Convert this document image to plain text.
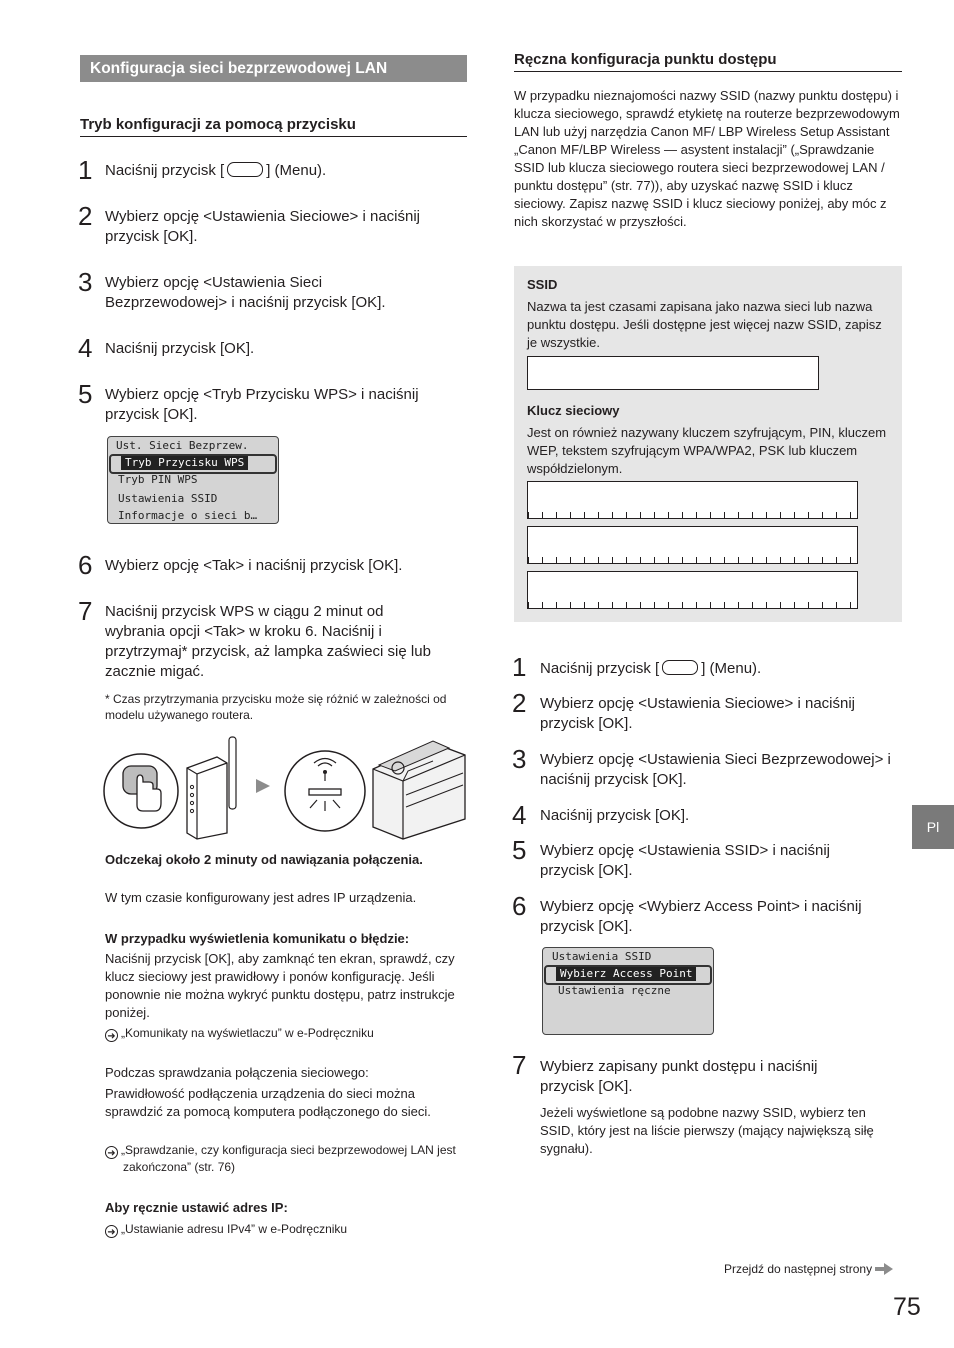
Konfiguracja sieci bezprzewodowej LAN
Tryb konfiguracji za pomocą przycisku
1 Naciśnij przycisk [	] (Menu).
2 Wybierz opcję <Ustawienia Sieciowe> i naciśnij przycisk [OK].
3 Wybierz opcję <Ustawienia Sieci Bezprzewodowej> i naciśnij przycisk [OK].
4 Naciśnij przycisk [OK].
5 Wybierz opcję <Tryb Przycisku WPS> i naciśnij przycisk [OK].
Ust. Sieci Bezprzew.
Tryb Przycisku WPS
Tryb PIN WPS
Ustawienia SSID
Informacje o sieci b…
6 Wybierz opcję <Tak> i naciśnij przycisk [OK].
7 Naciśnij przycisk WPS w ciągu 2 minut od wybrania opcji <Tak> w kroku 6. Naciśnij i przytrzymaj* przycisk, aż lampka zaświeci się lub zacznie migać.
* Czas przytrzymania przycisku może się różnić w zależności od modelu używanego routera.
Odczekaj około 2 minuty od nawiązania połączenia.
W tym czasie konfigurowany jest adres IP urządzenia.
W przypadku wyświetlenia komunikatu o błędzie:
Naciśnij przycisk [OK], aby zamknąć ten ekran, sprawdź, czy klucz sieciowy jest prawidłowy i ponów konfigurację. Jeśli ponownie nie można wykryć punktu dostępu, patrz instrukcje poniżej.
➜ „Komunikaty na wyświetlaczu” w e-Podręczniku
Podczas sprawdzania połączenia sieciowego:
Prawidłowość podłączenia urządzenia do sieci można sprawdzić za pomocą komputera podłączonego do sieci.
➜ „Sprawdzanie, czy konfiguracja sieci bezprzewodowej LAN jest zakończona” (str. 76)
Aby ręcznie ustawić adres IP:
➜ „Ustawianie adresu IPv4” w e-Podręczniku
Ręczna konfiguracja punktu dostępu
W przypadku nieznajomości nazwy SSID (nazwy punktu dostępu) i klucza sieciowego, sprawdź etykietę na routerze bezprzewodowym LAN lub użyj narzędzia Canon MF/ LBP Wireless Setup Assistant „Canon MF/LBP Wireless — asystent instalacji” („Sprawdzanie SSID lub klucza sieciowego routera sieci bezprzewodowej LAN / punktu dostępu” (str. 77)), aby uzyskać nazwę SSID i klucz sieciowy. Zapisz nazwę SSID i klucz sieciowy poniżej, aby móc z nich skorzystać w przyszłości.
SSID
Nazwa ta jest czasami zapisana jako nazwa sieci lub nazwa punktu dostępu. Jeśli dostępne jest więcej nazw SSID, zapisz je wszystkie.
Klucz sieciowy
Jest on również nazywany kluczem szyfrującym, PIN, kluczem WEP, tekstem szyfrującym WPA/WPA2, PSK lub kluczem współdzielonym.
1 Naciśnij przycisk [	] (Menu).
2 Wybierz opcję <Ustawienia Sieciowe> i naciśnij przycisk [OK].
3 Wybierz opcję <Ustawienia Sieci Bezprzewodowej> i naciśnij przycisk [OK].
4 Naciśnij przycisk [OK].
5 Wybierz opcję <Ustawienia SSID> i naciśnij przycisk [OK].
6 Wybierz opcję <Wybierz Access Point> i naciśnij przycisk [OK].
Ustawienia SSID
Wybierz Access Point
Ustawienia ręczne
7 Wybierz zapisany punkt dostępu i naciśnij przycisk [OK].
Jeżeli wyświetlone są podobne nazwy SSID, wybierz ten SSID, który jest na liście pierwszy (mający największą siłę sygnału).
Pl
Przejdź do następnej strony
75
